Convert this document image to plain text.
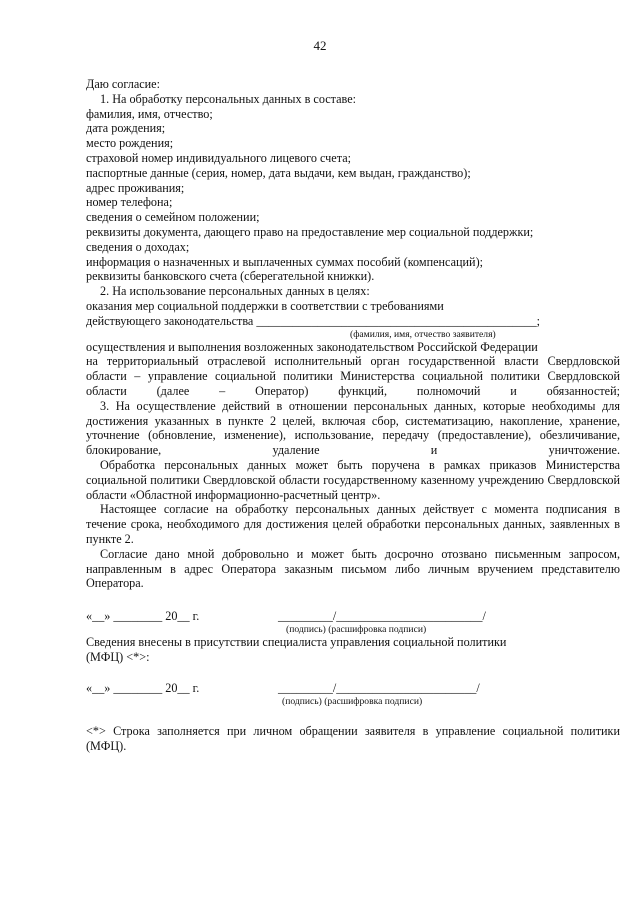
42

Даю согласие:

1. На обработку персональных данных в составе:

фамилия, имя, отчество;

дата рождения;

место рождения;

страховой номер индивидуального лицевого счета;

паспортные данные (серия, номер, дата выдачи, кем выдан, гражданство);

адрес проживания;

номер телефона;

сведения о семейном положении;

реквизиты документа, дающего право на предоставление мер социальной поддержки;

сведения о доходах;

информация о назначенных и выплаченных суммах пособий (компенсаций);

реквизиты банковского счета (сберегательной книжки).

2. На использование персональных данных в целях:

оказания мер социальной поддержки в соответствии с требованиями

действующего законодательства ______________________________________________;

(фамилия, имя, отчество заявителя)

осуществления и выполнения возложенных законодательством Российской Федерации

на территориальный отраслевой исполнительный орган государственной власти Свердловской области – управление социальной политики Министерства социальной политики Свердловской области (далее – Оператор) функций, полномочий и обязанностей;

3. На осуществление действий в отношении персональных данных, которые необходимы для достижения указанных в пункте 2 целей, включая сбор, систематизацию, накопление, хранение, уточнение (обновление, изменение), использование, передачу (предоставление), обезличивание, блокирование, удаление и уничтожение.

Обработка персональных данных может быть поручена в рамках приказов Министерства социальной политики Свердловской области государственному казенному учреждению Свердловской области «Областной информационно-расчетный центр».

Настоящее согласие на обработку персональных данных действует с момента подписания в течение срока, необходимого для достижения целей обработки персональных данных, заявленных в пункте 2.

Согласие дано мной добровольно и может быть досрочно отозвано письменным запросом, направленным в адрес Оператора заказным письмом либо личным вручением представителю Оператора.

«__» ________ 20__ г.	_________/________________________/

(подпись) (расшифровка подписи)

Сведения внесены в присутствии специалиста управления социальной политики (МФЦ) <*>:

«__» ________ 20__ г.	_________/_______________________/

(подпись) (расшифровка подписи)

<*> Строка заполняется при личном обращении заявителя в управление социальной политики (МФЦ).
